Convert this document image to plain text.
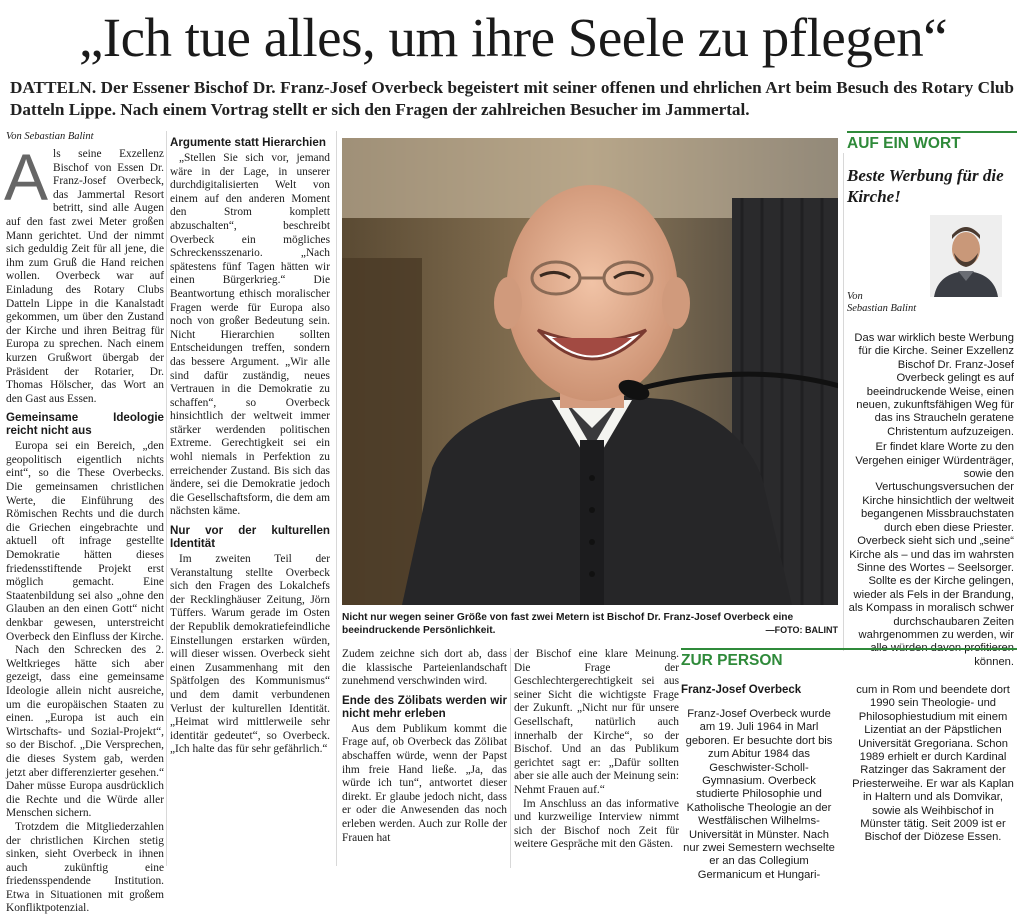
„Ich tue alles, um ihre Seele zu pflegen“
DATTELN. Der Essener Bischof Dr. Franz-Josef Overbeck begeistert mit seiner offenen und ehrlichen Art beim Besuch des Rotary Club Datteln Lippe. Nach einem Vortrag stellt er sich den Fragen der zahlreichen Besucher im Jammertal.
Von Sebastian Balint

Als seine Exzellenz Bischof von Essen Dr. Franz-Josef Overbeck, das Jammertal Resort betritt, sind alle Augen auf den fast zwei Meter großen Mann gerichtet. Und der nimmt sich geduldig Zeit für all jene, die ihm zum Gruß die Hand reichen wollen. Overbeck war auf Einladung des Rotary Clubs Datteln Lippe in die Kanalstadt gekommen, um über den Zustand der Kirche und ihren Beitrag für Europa zu sprechen. Nach einem kurzen Grußwort übergab der Präsident der Rotarier, Dr. Thomas Hölscher, das Wort an den Gast aus Essen.

Gemeinsame Ideologie reicht nicht aus

Europa sei ein Bereich, „den geopolitisch eigentlich nichts eint“, so die These Overbecks. Die gemeinsamen christlichen Werte, die Einführung des Römischen Rechts und die durch die Griechen eingebrachte und aktuell oft infrage gestellte Demokratie hätten dieses friedensstiftende Projekt erst möglich gemacht. Eine Staatenbildung sei also „ohne den Glauben an den einen Gott“ nicht denkbar gewesen, unterstreicht Overbeck den Einfluss der Kirche.

Nach den Schrecken des 2. Weltkrieges hätte sich aber gezeigt, dass eine gemeinsame Ideologie allein nicht ausreiche, um die europäischen Staaten zu einen. „Europa ist auch ein Wirtschafts- und Sozial-Projekt“, so der Bischof. „Die Versprechen, die dieses System gab, werden jetzt aber differenzierter gesehen.“ Daher müsse Europa ausdrücklich die Rechte und die Würde aller Menschen sichern.

Trotzdem die Mitgliederzahlen der christlichen Kirchen stetig sinken, sieht Overbeck in ihnen auch zukünftig eine friedensspendende Institution. Etwa in Situationen mit großem Konfliktpotenzial.

Argumente statt Hierarchien

„Stellen Sie sich vor, jemand wäre in der Lage, in unserer durchdigitalisierten Welt von einem auf den anderen Moment den Strom komplett abzuschalten“, beschreibt Overbeck ein mögliches Schreckensszenario. „Nach spätestens fünf Tagen hätten wir einen Bürgerkrieg.“ Die Beantwortung ethisch moralischer Fragen werde für Europa also noch von großer Bedeutung sein. Nicht Hierarchien sollten Entscheidungen treffen, sondern das bessere Argument. „Wir alle sind dafür zuständig, neues Vertrauen in die Demokratie zu schaffen“, so Overbeck hinsichtlich der weltweit immer stärker werdenden politischen Extreme. Gerechtigkeit sei ein wohl niemals in Perfektion zu erreichender Zustand. Bis sich das ändere, sei die Demokratie jedoch die Gesellschaftsform, die dem am nächsten käme.

Nur vor der kulturellen Identität

Im zweiten Teil der Veranstaltung stellte Overbeck sich den Fragen des Lokalchefs der Recklinghäuser Zeitung, Jörn Tüffers. Warum gerade im Osten der Republik demokratiefeindliche Einstellungen erstarken würden, will dieser wissen. Overbeck sieht einen Zusammenhang mit den Spätfolgen des Kommunismus“ und dem damit verbundenen Verlust der kulturellen Identität. „Heimat wird mittlerweile sehr identitär gedeutet“, so Overbeck. „Ich halte das für sehr gefährlich.“

Zudem zeichne sich dort ab, dass die klassische Parteienlandschaft zunehmend verschwinden wird.

Ende des Zölibats werden wir nicht mehr erleben

Aus dem Publikum kommt die Frage auf, ob Overbeck das Zölibat abschaffen würde, wenn der Papst ihm freie Hand ließe. „Ja, das würde ich tun“, antwortet dieser direkt. Er glaube jedoch nicht, dass er oder die Anwesenden das noch erleben werden. Auch zur Rolle der Frauen hat

der Bischof eine klare Meinung. Die Frage der Geschlechtergerechtigkeit sei aus seiner Sicht die wichtigste Frage der Zukunft. „Nicht nur für unsere Gesellschaft, natürlich auch innerhalb der Kirche“, so der Bischof. Und an das Publikum gerichtet sagt er: „Dafür sollten aber sie alle auch der Meinung sein: Nehmt Frauen auf.“

Im Anschluss an das informative und kurzweilige Interview nimmt sich der Bischof noch Zeit für weitere Gespräche mit den Gästen.

Nicht nur wegen seiner Größe von fast zwei Metern ist Bischof Dr. Franz-Josef Overbeck eine beeindruckende Persönlichkeit.	—FOTO: BALINT
AUF EIN WORT
Beste Werbung für die Kirche!
Von
Sebastian Balint

Das war wirklich beste Werbung für die Kirche. Seiner Exzellenz Bischof Dr. Franz-Josef Overbeck gelingt es auf beeindruckende Weise, einen neuen, zukunftsfähigen Weg für das ins Straucheln geratene Christentum aufzuzeigen.

Er findet klare Worte zu den Vergehen einiger Würdenträger, sowie den Vertuschungsversuchen der Kirche hinsichtlich der weltweit begangenen Missbrauchstaten durch eben diese Priester. Overbeck sieht sich und „seine“ Kirche als – und das im wahrsten Sinne des Wortes – Seelsorger. Sollte es der Kirche gelingen, wieder als Fels in der Brandung, als Kompass in moralisch schwer durchschaubaren Zeiten wahrgenommen zu werden, wir alle würden davon profitieren können.

ZUR PERSON
Franz-Josef Overbeck

Franz-Josef Overbeck wurde am 19. Juli 1964 in Marl geboren. Er besuchte dort bis zum Abitur 1984 das Geschwister-Scholl-Gymnasium. Overbeck studierte Philosophie und Katholische Theologie an der Westfälischen Wilhelms-Universität in Münster. Nach nur zwei Semestern wechselte er an das Collegium Germanicum et Hungari-

cum in Rom und beendete dort 1990 sein Theologie- und Philosophiestudium mit einem Lizentiat an der Päpstlichen Universität Gregoriana. Schon 1989 erhielt er durch Kardinal Ratzinger das Sakrament der Priesterweihe. Er war als Kaplan in Haltern und als Domvikar, sowie als Weihbischof in Münster tätig. Seit 2009 ist er Bischof der Diözese Essen.
